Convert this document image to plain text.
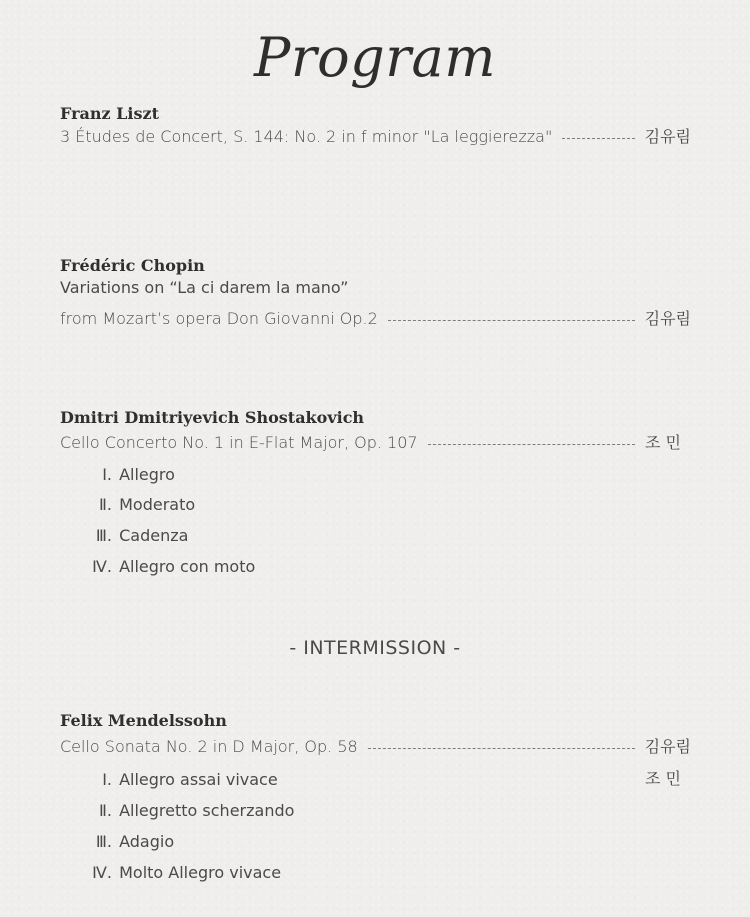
Program
Franz Liszt
3 Études de Concert, S. 144: No. 2 in f minor "La leggierezza"	김유림
Frédéric Chopin
Variations on “La ci darem la mano”
from Mozart’s opera Don Giovanni Op.2	김유림
Dmitri Dmitriyevich Shostakovich
Cello Concerto No. 1 in E-Flat Major, Op. 107	조 민
Ⅰ. Allegro
Ⅱ. Moderato
Ⅲ. Cadenza
Ⅳ. Allegro con moto
- INTERMISSION -
Felix Mendelssohn
Cello Sonata No. 2 in D Major, Op. 58	김유림
조 민
Ⅰ. Allegro assai vivace
Ⅱ. Allegretto scherzando
Ⅲ. Adagio
Ⅳ. Molto Allegro vivace
